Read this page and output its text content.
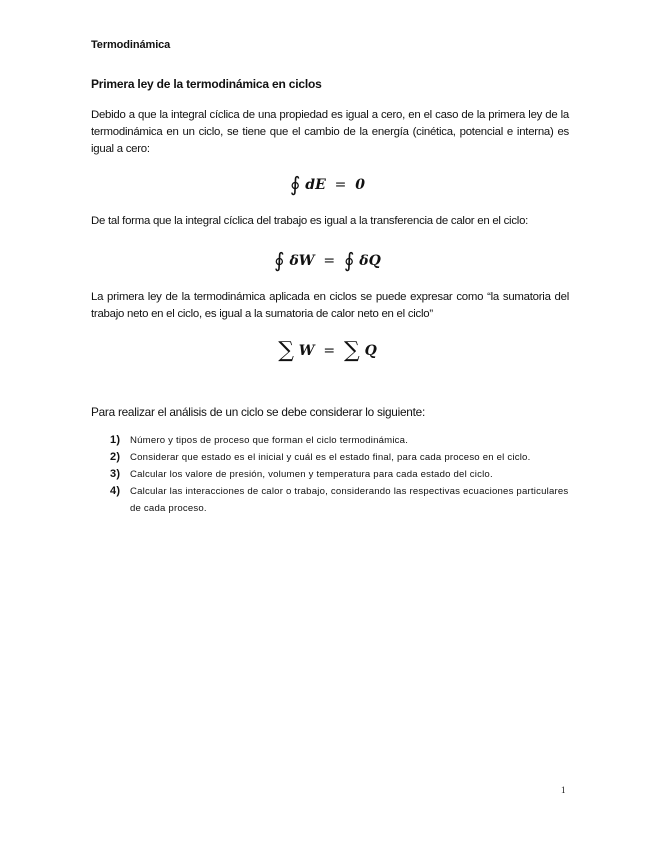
Termodinámica
Primera ley de la termodinámica en ciclos
Debido a que la integral cíclica de una propiedad es igual a cero, en el caso de la primera ley de la termodinámica en un ciclo, se tiene que el cambio de la energía (cinética, potencial e interna) es igual a cero:
∮ dE = 0
De tal forma que la integral cíclica del trabajo es igual a la transferencia de calor en el ciclo:
∮ δW = ∮ δQ
La primera ley de la termodinámica aplicada en ciclos se puede expresar como “la sumatoria del trabajo neto en el ciclo, es igual a la sumatoria de calor neto en el ciclo”
∑ W = ∑ Q
Para realizar el análisis de un ciclo se debe considerar lo siguiente:
1) Número y tipos de proceso que forman el ciclo termodinámica.
2) Considerar que estado es el inicial y cuál es el estado final, para cada proceso en el ciclo.
3) Calcular los valore de presión, volumen y temperatura para cada estado del ciclo.
4) Calcular las interacciones de calor o trabajo, considerando las respectivas ecuaciones particulares de cada proceso.
1
